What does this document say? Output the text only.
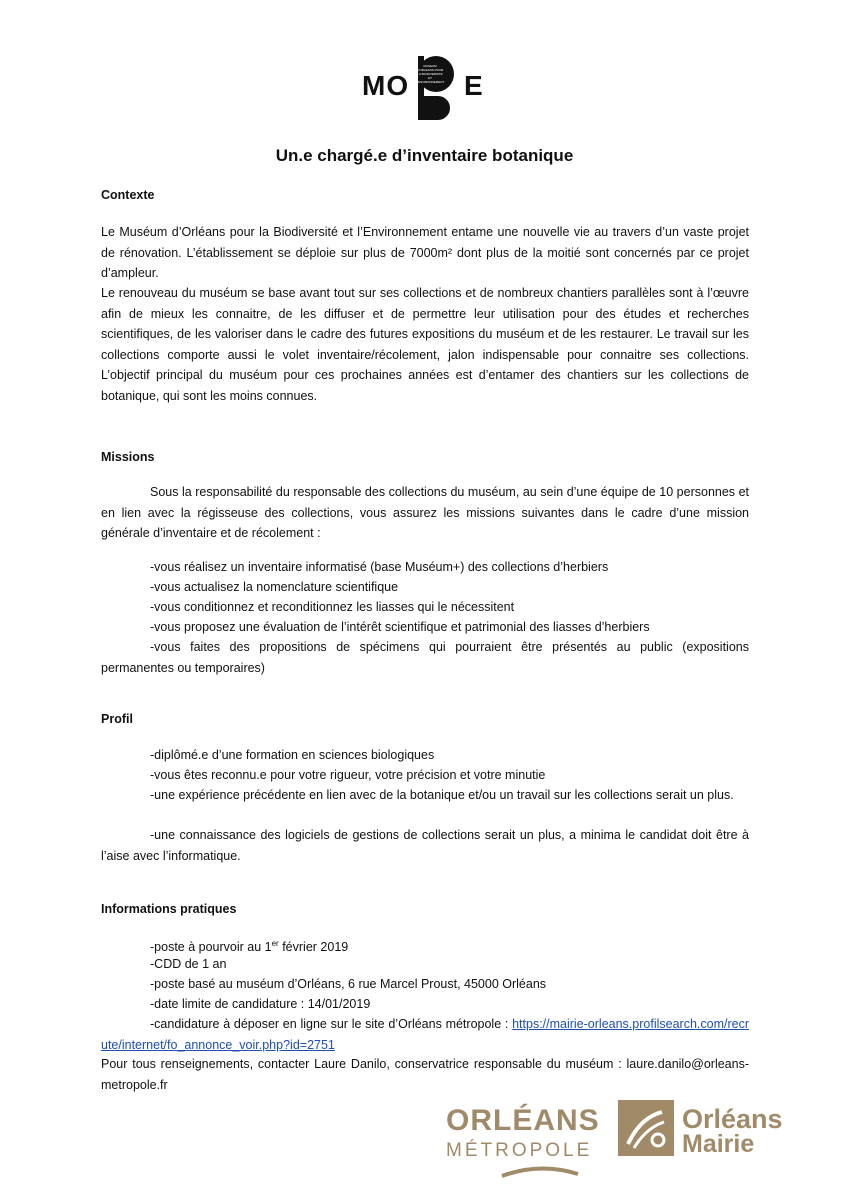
MO E
MUSEUM D'ORLEANS POUR LA BIODIVERSITE ET L'ENVIRONNEMENT
Un.e chargé.e d’inventaire botanique
Contexte
Le Muséum d’Orléans pour la Biodiversité et l’Environnement entame une nouvelle vie au travers d’un vaste projet de rénovation. L’établissement se déploie sur plus de 7000m² dont plus de la moitié sont concernés par ce projet d’ampleur.
Le renouveau du muséum se base avant tout sur ses collections et de nombreux chantiers parallèles sont à l’œuvre afin de mieux les connaitre, de les diffuser et de permettre leur utilisation pour des études et recherches scientifiques, de les valoriser dans le cadre des futures expositions du muséum et de les restaurer. Le travail sur les collections comporte aussi le volet inventaire/récolement, jalon indispensable pour connaitre ses collections. L’objectif principal du muséum pour ces prochaines années est d’entamer des chantiers sur les collections de botanique, qui sont les moins connues.
Missions
Sous la responsabilité du responsable des collections du muséum, au sein d’une équipe de 10 personnes et en lien avec la régisseuse des collections, vous assurez les missions suivantes dans le cadre d’une mission générale d’inventaire et de récolement :
-vous réalisez un inventaire informatisé (base Muséum+) des collections d’herbiers
-vous actualisez la nomenclature scientifique
-vous conditionnez et reconditionnez les liasses qui le nécessitent
-vous proposez une évaluation de l’intérêt scientifique et patrimonial des liasses d’herbiers
-vous faites des propositions de spécimens qui pourraient être présentés au public (expositions permanentes ou temporaires)
Profil
-diplômé.e d’une formation en sciences biologiques
-vous êtes reconnu.e pour votre rigueur, votre précision et votre minutie
-une expérience précédente en lien avec de la botanique et/ou un travail sur les collections serait un plus.
-une connaissance des logiciels de gestions de collections serait un plus, a minima le candidat doit être à l’aise avec l’informatique.
Informations pratiques
-poste à pourvoir au 1er février 2019
-CDD de 1 an
-poste basé au muséum d’Orléans, 6 rue Marcel Proust, 45000 Orléans
-date limite de candidature : 14/01/2019
-candidature à déposer en ligne sur le site d’Orléans métropole : https://mairie-orleans.profilsearch.com/recrute/internet/fo_annonce_voir.php?id=2751
Pour tous renseignements, contacter Laure Danilo, conservatrice responsable du muséum : laure.danilo@orleans-metropole.fr
ORLÉANS
MÉTROPOLE
Orléans
Mairie
